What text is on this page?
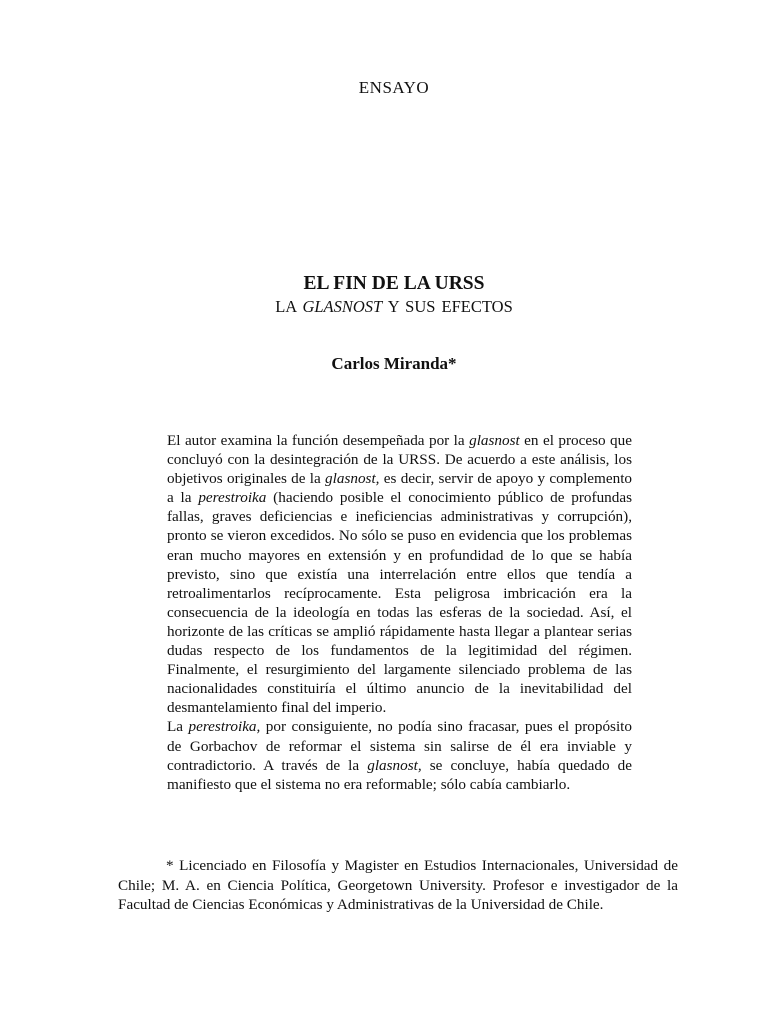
ENSAYO
EL FIN DE LA URSS
LA GLASNOST Y SUS EFECTOS
Carlos Miranda*

El autor examina la función desempeñada por la glasnost en el proceso que concluyó con la desintegración de la URSS. De acuerdo a este análisis, los objetivos originales de la glasnost, es decir, servir de apoyo y complemento a la perestroika (haciendo posible el conocimiento público de profundas fallas, graves deficiencias e ineficiencias administrativas y corrupción), pronto se vieron excedidos. No sólo se puso en evidencia que los problemas eran mucho mayores en extensión y en profundidad de lo que se había previsto, sino que existía una interrelación entre ellos que tendía a retroalimentarlos recíprocamente. Esta peligrosa imbricación era la consecuencia de la ideología en todas las esferas de la sociedad. Así, el horizonte de las críticas se amplió rápidamente hasta llegar a plantear serias dudas respecto de los fundamentos de la legitimidad del régimen. Finalmente, el resurgimiento del largamente silenciado problema de las nacionalidades constituiría el último anuncio de la inevitabilidad del desmantelamiento final del imperio.

La perestroika, por consiguiente, no podía sino fracasar, pues el propósito de Gorbachov de reformar el sistema sin salirse de él era inviable y contradictorio. A través de la glasnost, se concluye, había quedado de manifiesto que el sistema no era reformable; sólo cabía cambiarlo.

* Licenciado en Filosofía y Magister en Estudios Internacionales, Universidad de Chile; M. A. en Ciencia Política, Georgetown University. Profesor e investigador de la Facultad de Ciencias Económicas y Administrativas de la Universidad de Chile.
